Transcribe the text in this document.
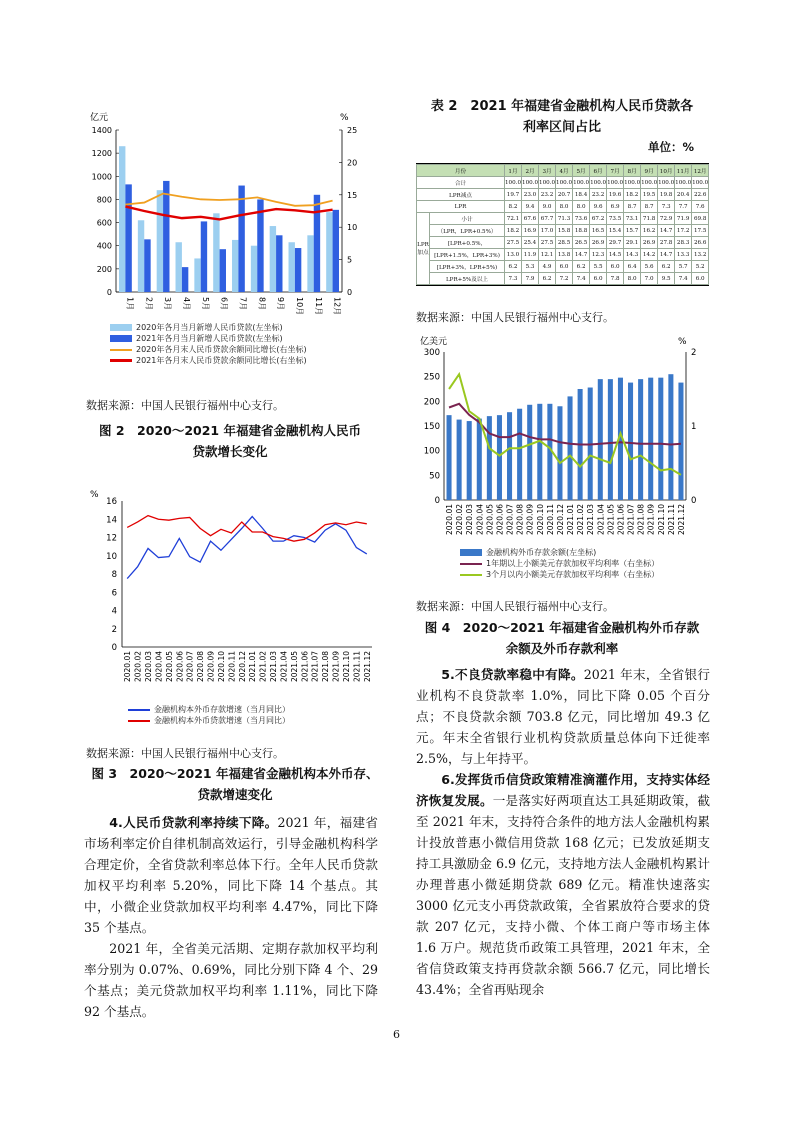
亿元	%
0
200
400
600
800
1000
1200
1400
0
5
10
15
20
25
1月 2月 3月 4月 5月 6月 7月 8月 9月 10月 11月 12月
2020年各月当月新增人民币贷款(左坐标)
2021年各月当月新增人民币贷款(左坐标)
2020年各月末人民币贷款余额同比增长(右坐标)
2021年各月末人民币贷款余额同比增长(右坐标)
数据来源：中国人民银行福州中心支行。
图 2　2020～2021 年福建省金融机构人民币
贷款增长变化
%
0
2
4
6
8
10
12
14
16
2020.01 2020.02 2020.03 2020.04 2020.05 2020.06 2020.07 2020.08 2020.09 2020.10 2020.11 2020.12 2021.01 2021.02 2021.03 2021.04 2021.05 2021.06 2021.07 2021.08 2021.09 2021.10 2021.11 2021.12
金融机构本外币存款增速（当月同比）
金融机构本外币贷款增速（当月同比）
数据来源：中国人民银行福州中心支行。
图 3　2020～2021 年福建省金融机构本外币存、
贷款增速变化

4.人民币贷款利率持续下降。2021 年，福建省市场利率定价自律机制高效运行，引导金融机构科学合理定价，全省贷款利率总体下行。全年人民币贷款加权平均利率 5.20%，同比下降 14 个基点。其中，小微企业贷款加权平均利率 4.47%，同比下降 35 个基点。

2021 年，全省美元活期、定期存款加权平均利率分别为 0.07%、0.69%，同比分别下降 4 个、29 个基点；美元贷款加权平均利率 1.11%，同比下降 92 个基点。

表 2　2021 年福建省金融机构人民币贷款各
利率区间占比
单位：%
月份		1月	2月	3月	4月	5月	6月	7月	8月	9月	10月	11月	12月
合计		100.0	100.0	100.0	100.0	100.0	100.0	100.0	100.0	100.0	100.0	100.0	100.0
LPR减点		19.7	23.0	23.2	20.7	18.4	23.2	19.6	18.2	19.5	19.8	20.4	22.6
LPR		8.2	9.4	9.0	8.0	8.0	9.6	6.9	8.7	8.7	7.3	7.7	7.6
LPR加点	小计	72.1	67.6	67.7	71.3	73.6	67.2	73.5	73.1	71.8	72.9	71.9	69.8
	（LPR，LPR+0.5%）	18.2	16.9	17.0	15.8	18.8	16.5	15.4	15.7	16.2	14.7	17.2	17.5
	[LPR+0.5%，	27.5	25.4	27.5	28.5	26.5	26.9	29.7	29.1	26.9	27.8	28.3	26.6
	[LPR+1.5%，LPR+3%)	13.0	11.9	12.1	13.8	14.7	12.3	14.5	14.3	14.2	14.7	13.3	13.2
	[LPR+3%，LPR+5%)	6.2	5.3	4.9	6.0	6.2	5.5	6.0	6.4	5.6	6.2	5.7	5.2
	LPR+5%及以上	7.3	7.9	6.2	7.2	7.4	6.0	7.8	8.0	7.0	9.5	7.4	6.0
数据来源：中国人民银行福州中心支行。
亿美元	%
0
50
100
150
200
250
300
0
1
2
2020.01 2020.02 2020.03 2020.04 2020.05 2020.06 2020.07 2020.08 2020.09 2020.10 2020.11 2020.12 2021.01 2021.02 2021.03 2021.04 2021.05 2021.06 2021.07 2021.08 2021.09 2021.10 2021.11 2021.12
金融机构外币存款余额(左坐标)
1年期以上小额美元存款加权平均利率（右坐标）
3个月以内小额美元存款加权平均利率（右坐标）
数据来源：中国人民银行福州中心支行。
图 4　2020～2021 年福建省金融机构外币存款
余额及外币存款利率

5.不良贷款率稳中有降。2021 年末，全省银行业机构不良贷款率 1.0%，同比下降 0.05 个百分点；不良贷款余额 703.8 亿元，同比增加 49.3 亿元。年末全省银行业机构贷款质量总体向下迁徙率 2.5%，与上年持平。

6.发挥货币信贷政策精准滴灌作用，支持实体经济恢复发展。一是落实好两项直达工具延期政策，截至 2021 年末，支持符合条件的地方法人金融机构累计投放普惠小微信用贷款 168 亿元；已发放延期支持工具激励金 6.9 亿元，支持地方法人金融机构累计办理普惠小微延期贷款 689 亿元。精准快速落实 3000 亿元支小再贷款政策，全省累放符合要求的贷款 207 亿元，支持小微、个体工商户等市场主体 1.6 万户。规范货币政策工具管理，2021 年末，全省信贷政策支持再贷款余额 566.7 亿元，同比增长 43.4%；全省再贴现余

6
